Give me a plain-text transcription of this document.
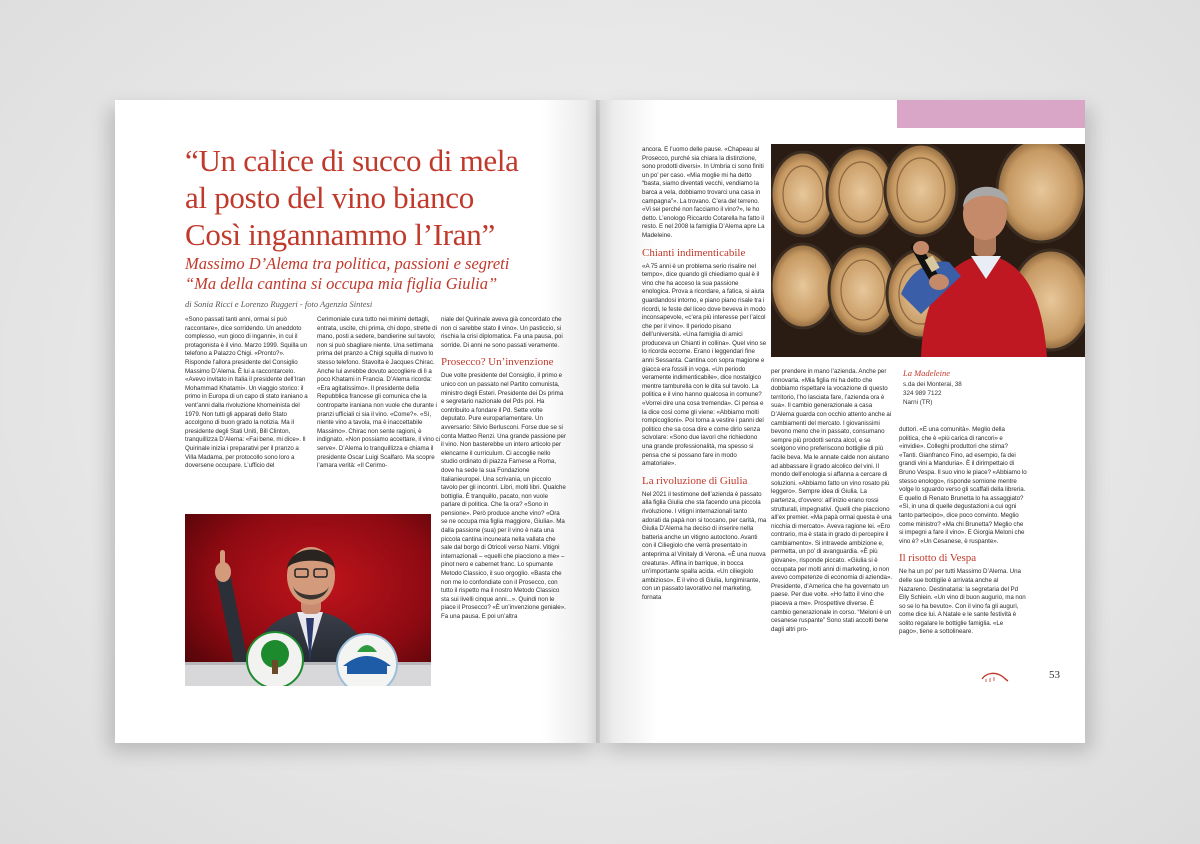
“Un calice di succo di mela
al posto del vino bianco
Così ingannammo l’Iran”
Massimo D’Alema tra politica, passioni e segreti
“Ma della cantina si occupa mia figlia Giulia”

di Sonia Ricci e Lorenzo Ruggeri - foto Agenzia Sintesi

«Sono passati tanti anni, ormai si può raccontare», dice sorridendo. Un aneddoto complesso, «un gioco di inganni», in cui il protagonista è il vino. Marzo 1999. Squilla un telefono a Palazzo Chigi. «Pronto?». Risponde l’allora presidente del Consiglio Massimo D’Alema. È lui a raccontarcelo. «Avevo invitato in Italia il presidente dell’Iran Mohammad Khatami». Un viaggio storico: il primo in Europa di un capo di stato iraniano a vent’anni dalla rivoluzione khomeinista del 1979. Non tutti gli apparati dello Stato accolgono di buon grado la notizia. Ma il presidente degli Stati Uniti, Bill Clinton, tranquillizza D’Alema: «Fai bene, mi dice». Il Quirinale inizia i preparativi per il pranzo a Villa Madama, per protocollo sono loro a doversene occupare. L’ufficio del

Cerimoniale cura tutto nei minimi dettagli, entrata, uscite, chi prima, chi dopo, strette di mano, posti a sedere, bandierine sul tavolo; non si può sbagliare niente. Una settimana prima del pranzo a Chigi squilla di nuovo lo stesso telefono. Stavolta è Jacques Chirac. Anche lui avrebbe dovuto accogliere di lì a poco Khatami in Francia. D’Alema ricorda: «Era agitatissimo». Il presidente della Repubblica francese gli comunica che la controparte iraniana non vuole che durante i pranzi ufficiali ci sia il vino. «Come?». «Sì, niente vino a tavola, ma è inaccettabile Massimo». Chirac non sente ragioni, è indignato. «Non possiamo accettare, il vino ci serve». D’Alema lo tranquillizza e chiama il presidente Oscar Luigi Scalfaro. Ma scopre l’amara verità: «Il Cerimo-

niale del Quirinale aveva già concordato che non ci sarebbe stato il vino». Un pasticcio, si rischia la crisi diplomatica. Fa una pausa, poi sorride. Di anni ne sono passati veramente.

Prosecco? Un’invenzione

Due volte presidente del Consiglio, il primo e unico con un passato nel Partito comunista, ministro degli Esteri. Presidente dei Ds prima e segretario nazionale del Pds poi. Ha contribuito a fondare il Pd. Sette volte deputato. Pure europarlamentare. Un avversario: Silvio Berlusconi. Forse due se si conta Matteo Renzi. Una grande passione per il vino. Non basterebbe un intero articolo per elencarne il curriculum. Ci accoglie nello studio ordinato di piazza Farnese a Roma, dove ha sede la sua Fondazione Italianieuropei. Una scrivania, un piccolo tavolo per gli incontri. Libri, molti libri. Qualche bottiglia. È tranquillo, pacato, non vuole parlare di politica. Che fa ora? «Sono in pensione». Però produce anche vino? «Ora se ne occupa mia figlia maggiore, Giulia». Ma dalla passione (sua) per il vino è nata una piccola cantina incuneata nella vallata che sale dal borgo di Otricoli verso Narni. Vitigni internazionali – «quelli che piacciono a me» – pinot nero e cabernet franc. Lo spumante Metodo Classico, il suo orgoglio. «Basta che non me lo confondiate con il Prosecco, con tutto il rispetto ma il nostro Metodo Classico sta sui livelli cinque anni...». Quindi non le piace il Prosecco? «È un’invenzione geniale». Fa una pausa. E poi un’altra

ancora. È l’uomo delle pause. «Chapeau al Prosecco, purché sia chiara la distinzione, sono prodotti diversi». In Umbria ci sono finiti un po’ per caso. «Mia moglie mi ha detto “basta, siamo diventati vecchi, vendiamo la barca a vela, dobbiamo trovarci una casa in campagna”». La trovano. C’era del terreno. «Vi sei perché non facciamo il vino?», le ho detto. L’enologo Riccardo Cotarella ha fatto il resto. E nel 2008 la famiglia D’Alema apre La Madeleine.

Chianti indimenticabile

«A 75 anni è un problema serio risalire nel tempo», dice quando gli chiediamo qual è il vino che ha acceso la sua passione enologica. Prova a ricordare, a fatica, si aiuta guardandosi intorno, e piano piano risale tra i ricordi, le feste del liceo dove beveva in modo inconsapevole, «c’era più interesse per l’alcol che per il vino». Il periodo pisano dell’università. «Una famiglia di amici produceva un Chianti in collina». Quel vino se lo ricorda eccome. Erano i leggendari fine anni Sessanta. Cantina con sopra magione e giacca era fossili in voga. «Un periodo veramente indimenticabile», dice nostalgico mentre tamburella con le dita sul tavolo. La politica e il vino hanno qualcosa in comune? «Vorrei dire una cosa tremenda». Ci pensa e la dice così come gli viene: «Abbiamo molti rompicoglioni». Poi torna a vestire i panni del politico che sa cosa dire e come dirlo senza scivolare: «Sono due lavori che richiedono una grande professionalità, ma spesso si pensa che si possano fare in modo amatoriale».

La rivoluzione di Giulia

Nel 2021 il testimone dell’azienda è passato alla figlia Giulia che sta facendo una piccola rivoluzione. I vitigni internazionali tanto adorati da papà non si toccano, per carità, ma Giulia D’Alema ha deciso di inserire nella batteria anche un vitigno autoctono. Avanti con il Ciliegiolo che verrà presentato in anteprima al Vinitaly di Verona. «È una nuova creatura». Affina in barrique, in bocca un’importante spalla acida. «Un ciliegiolo ambizioso». E il vino di Giulia, lungimirante, con un passato lavorativo nel marketing, fornata

La Madeleine

s.da dei Monterai, 38

324 989 7122

Narni (TR)

per prendere in mano l’azienda. Anche per rinnovarla. «Mia figlia mi ha detto che dobbiamo rispettare la vocazione di questo territorio, l’ho lasciata fare, l’azienda ora è sua». Il cambio generazionale a casa D’Alema guarda con occhio attento anche ai cambiamenti del mercato. I giovanissimi bevono meno che in passato, consumano sempre più prodotti senza alcol, e se scelgono vino preferiscono bottiglie di più facile beva. Ma le annate calde non aiutano ad abbassare il grado alcolico del vini. Il mondo dell’enologia si affanna a cercare di soluzioni. «Abbiamo fatto un vino rosato più leggero». Sempre idea di Giulia. La partenza, d’ovvero: all’inizio erano rossi strutturati, impegnativi. Quelli che piacciono all’ex premier. «Ma papà ormai questa è una nicchia di mercato». Aveva ragione lei. «Ero contrario, ma è stata in grado di percepire il cambiamento». Si intravede ambizione e, permetta, un po’ di avanguardia. «È più giovane», risponde piccato. «Giulia si è occupata per molti anni di marketing, io non avevo competenze di economia di azienda». Presidente, d’America che ha governato un paese. Per due volte. «Ho fatto il vino che piaceva a me». Prospettive diverse. È cambio generazionale in corso. “Meloni è un cesanese ruspante” Sono stati accolti bene dagli altri pro-

duttori. «È una comunità». Meglio della politica, che è «più carica di rancori» e «invidie». Colleghi produttori che stima? «Tanti. Gianfranco Fino, ad esempio, fa dei grandi vini a Manduria». È il dirimpettaio di Bruno Vespa. Il suo vino le piace? «Abbiamo lo stesso enologo», risponde sornione mentre volge lo sguardo verso gli scaffali della libreria. E quello di Renato Brunetta lo ha assaggiato? «Sì, in una di quelle degustazioni a cui ogni tanto partecipo», dice poco convinto. Meglio come ministro? «Ma chi Brunetta? Meglio che si impegni a fare il vino». E Giorgia Meloni che vino è? «Un Cesanese, è ruspante».

Il risotto di Vespa

Ne ha un po’ per tutti Massimo D’Alema. Una delle sue bottiglie è arrivata anche al Nazareno. Destinataria: la segretaria del Pd Elly Schlein. «Un vino di buon augurio, ma non so se lo ha bevuto». Con il vino fa gli auguri, come dice lui. A Natale e le sante festività è solito regalare le bottiglie famiglia. «Le

pago», tiene a sottolineare.

53
